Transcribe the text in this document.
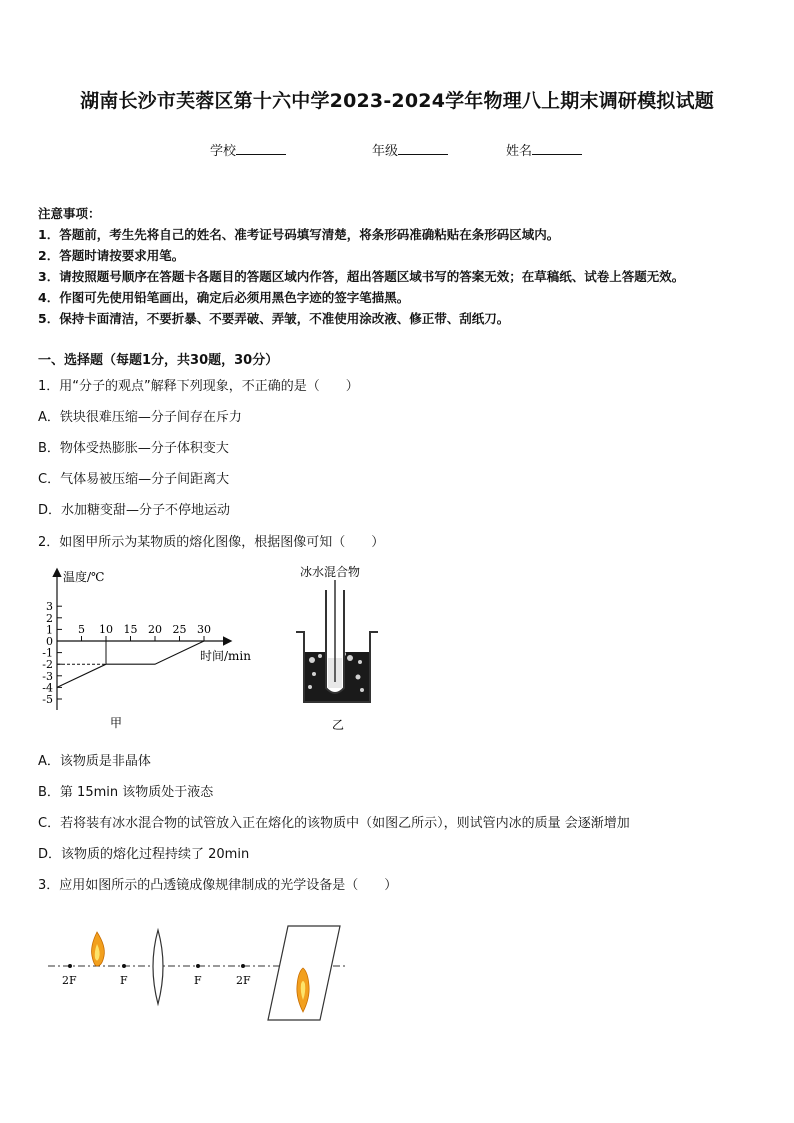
湖南长沙市芙蓉区第十六中学2023-2024学年物理八上期末调研模拟试题
学校	年级	姓名
注意事项：
1．答题前，考生先将自己的姓名、准考证号码填写清楚，将条形码准确粘贴在条形码区域内。
2．答题时请按要求用笔。
3．请按照题号顺序在答题卡各题目的答题区域内作答，超出答题区域书写的答案无效；在草稿纸、试卷上答题无效。
4．作图可先使用铅笔画出，确定后必须用黑色字迹的签字笔描黑。
5．保持卡面清洁，不要折暴、不要弄破、弄皱，不准使用涂改液、修正带、刮纸刀。
一、选择题（每题1分，共30题，30分）
1．用“分子的观点”解释下列现象，不正确的是（　　）
A．铁块很难压缩—分子间存在斥力
B．物体受热膨胀—分子体积变大
C．气体易被压缩—分子间距离大
D．水加糖变甜—分子不停地运动
2．如图甲所示为某物质的熔化图像，根据图像可知（　　）
温度/℃
时间/min
3
2
1
0
-1
-2
-3
-4
-5
5 10 15 20 25 30
甲
冰水混合物
乙
A．该物质是非晶体
B．第 15min 该物质处于液态
C．若将装有冰水混合物的试管放入正在熔化的该物质中（如图乙所示），则试管内冰的质量 会逐渐增加
D．该物质的熔化过程持续了 20min
3．应用如图所示的凸透镜成像规律制成的光学设备是（　　）
2F	F	F	2F
